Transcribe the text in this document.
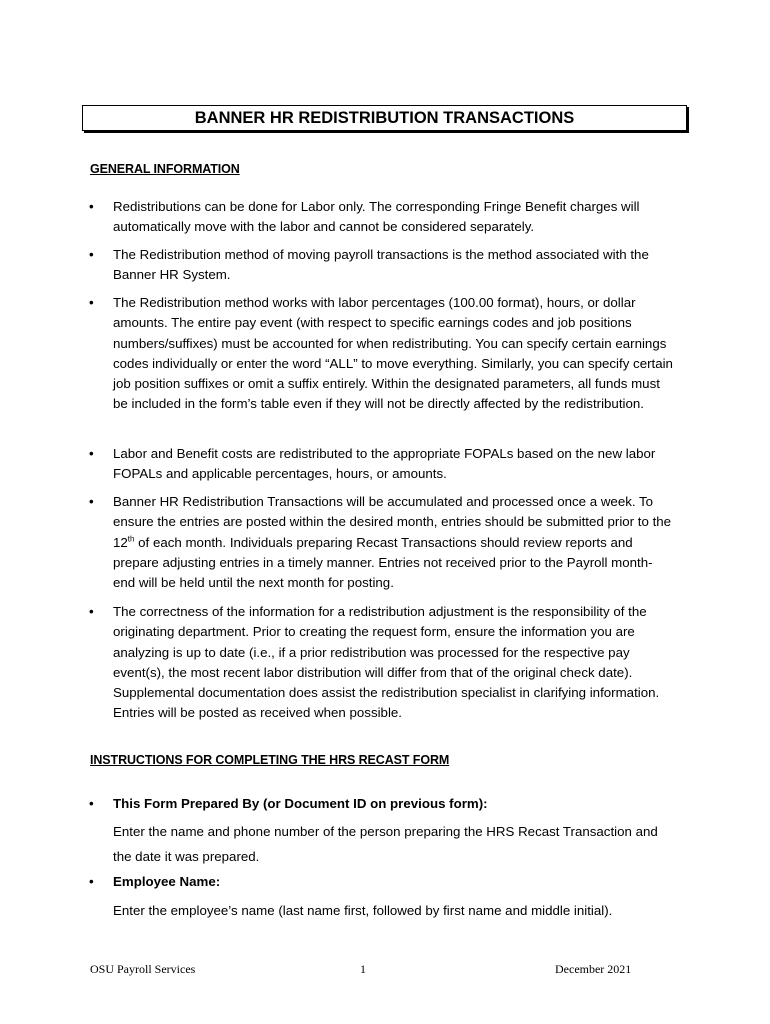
BANNER HR REDISTRIBUTION TRANSACTIONS
GENERAL INFORMATION
• Redistributions can be done for Labor only. The corresponding Fringe Benefit charges will automatically move with the labor and cannot be considered separately.
• The Redistribution method of moving payroll transactions is the method associated with the Banner HR System.
• The Redistribution method works with labor percentages (100.00 format), hours, or dollar amounts. The entire pay event (with respect to specific earnings codes and job positions numbers/suffixes) must be accounted for when redistributing. You can specify certain earnings codes individually or enter the word “ALL” to move everything. Similarly, you can specify certain job position suffixes or omit a suffix entirely. Within the designated parameters, all funds must be included in the form’s table even if they will not be directly affected by the redistribution.
• Labor and Benefit costs are redistributed to the appropriate FOPALs based on the new labor FOPALs and applicable percentages, hours, or amounts.
• Banner HR Redistribution Transactions will be accumulated and processed once a week. To ensure the entries are posted within the desired month, entries should be submitted prior to the 12th of each month. Individuals preparing Recast Transactions should review reports and prepare adjusting entries in a timely manner. Entries not received prior to the Payroll month-end will be held until the next month for posting.
• The correctness of the information for a redistribution adjustment is the responsibility of the originating department. Prior to creating the request form, ensure the information you are analyzing is up to date (i.e., if a prior redistribution was processed for the respective pay event(s), the most recent labor distribution will differ from that of the original check date). Supplemental documentation does assist the redistribution specialist in clarifying information. Entries will be posted as received when possible.
INSTRUCTIONS FOR COMPLETING THE HRS RECAST FORM
• This Form Prepared By (or Document ID on previous form):
Enter the name and phone number of the person preparing the HRS Recast Transaction and the date it was prepared.
• Employee Name:
Enter the employee’s name (last name first, followed by first name and middle initial).
OSU Payroll Services	1	December 2021
